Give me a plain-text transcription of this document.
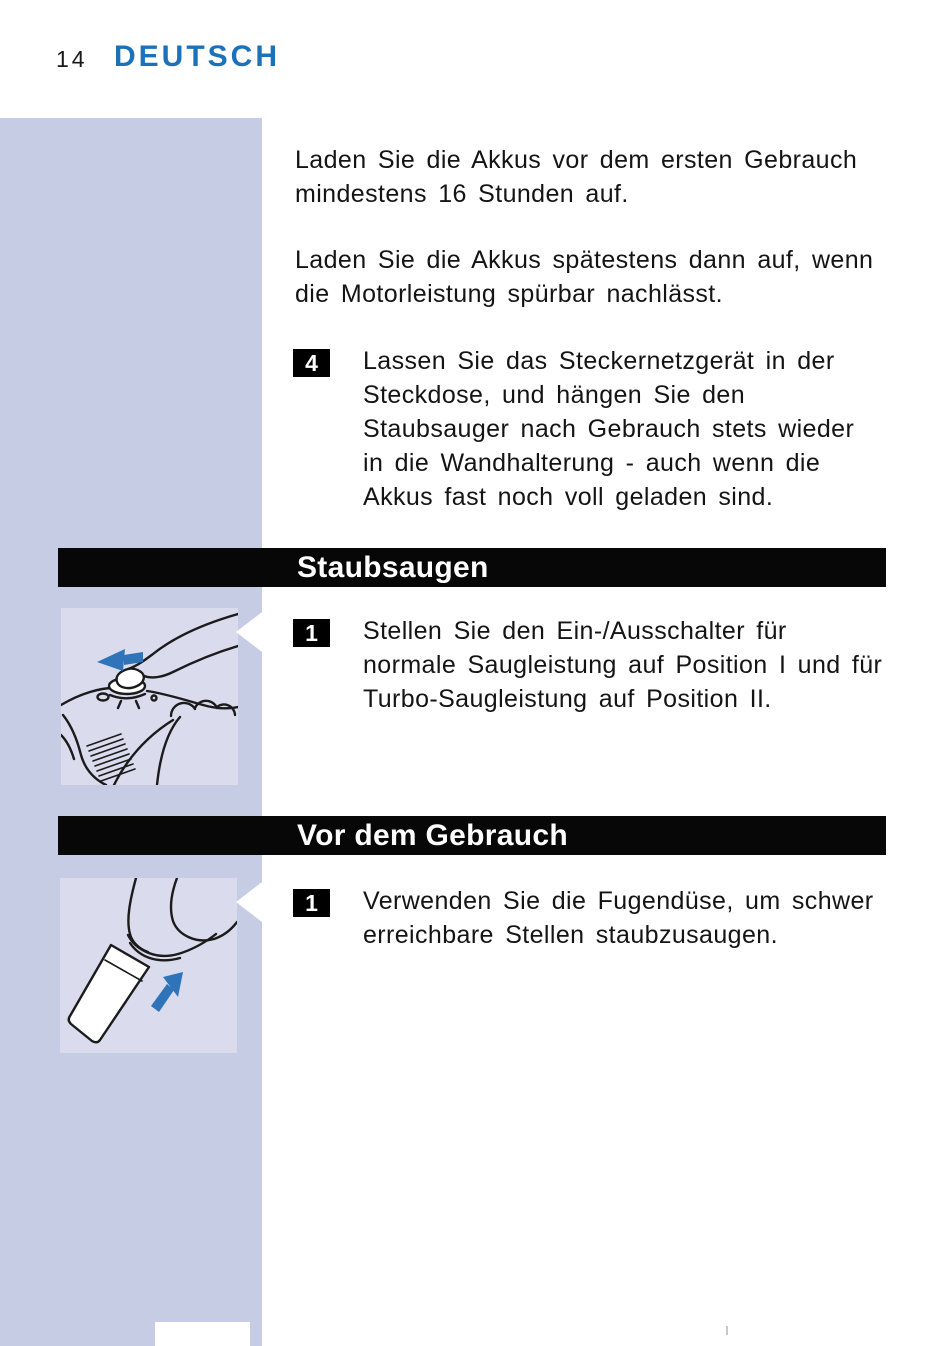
14 DEUTSCH
Laden Sie die Akkus vor dem ersten Gebrauch
mindestens 16 Stunden auf.
Laden Sie die Akkus spätestens dann auf, wenn
die Motorleistung spürbar nachlässt.
4	Lassen Sie das Steckernetzgerät in der
Steckdose, und hängen Sie den
Staubsauger nach Gebrauch stets wieder
in die Wandhalterung - auch wenn die
Akkus fast noch voll geladen sind.
Staubsaugen
1	Stellen Sie den Ein-/Ausschalter für
normale Saugleistung auf Position I und für
Turbo-Saugleistung auf Position II.
Vor dem Gebrauch
1	Verwenden Sie die Fugendüse, um schwer
erreichbare Stellen staubzusaugen.
